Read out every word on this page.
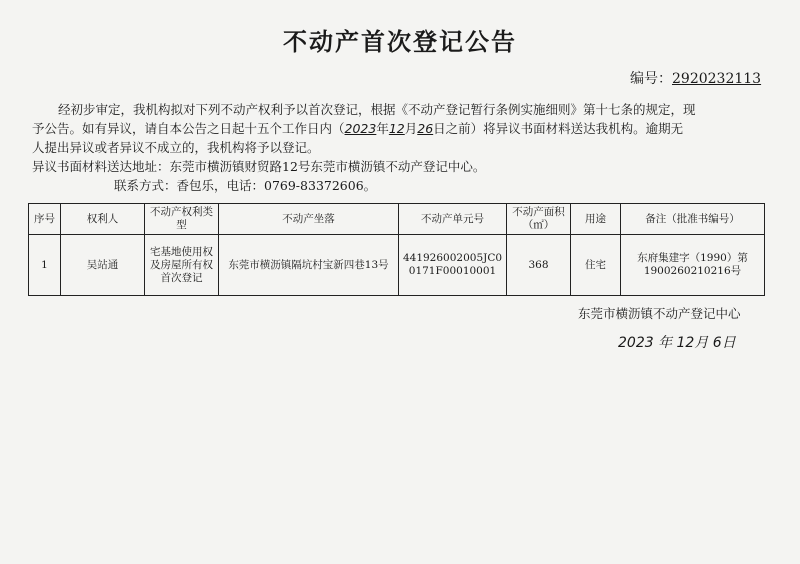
不动产首次登记公告
编号：2920232113
经初步审定，我机构拟对下列不动产权利予以首次登记，根据《不动产登记暂行条例实施细则》第十七条的规定，现
予公告。如有异议，请自本公告之日起十五个工作日内（2023年12月26日之前）将异议书面材料送达我机构。逾期无
人提出异议或者异议不成立的，我机构将予以登记。
异议书面材料送达地址：东莞市横沥镇财贸路12号东莞市横沥镇不动产登记中心。
联系方式：香包乐，电话：0769-83372606。
序号	权利人	不动产权利类型	不动产坐落	不动产单元号	不动产面积（㎡）	用途	备注（批准书编号）
1	吴站通	宅基地使用权及房屋所有权首次登记	东莞市横沥镇隔坑村宝新四巷13号	441926002005JC00171F00010001	368	住宅	东府集建字（1990）第1900260210216号
东莞市横沥镇不动产登记中心
2023 年 12月 6日
